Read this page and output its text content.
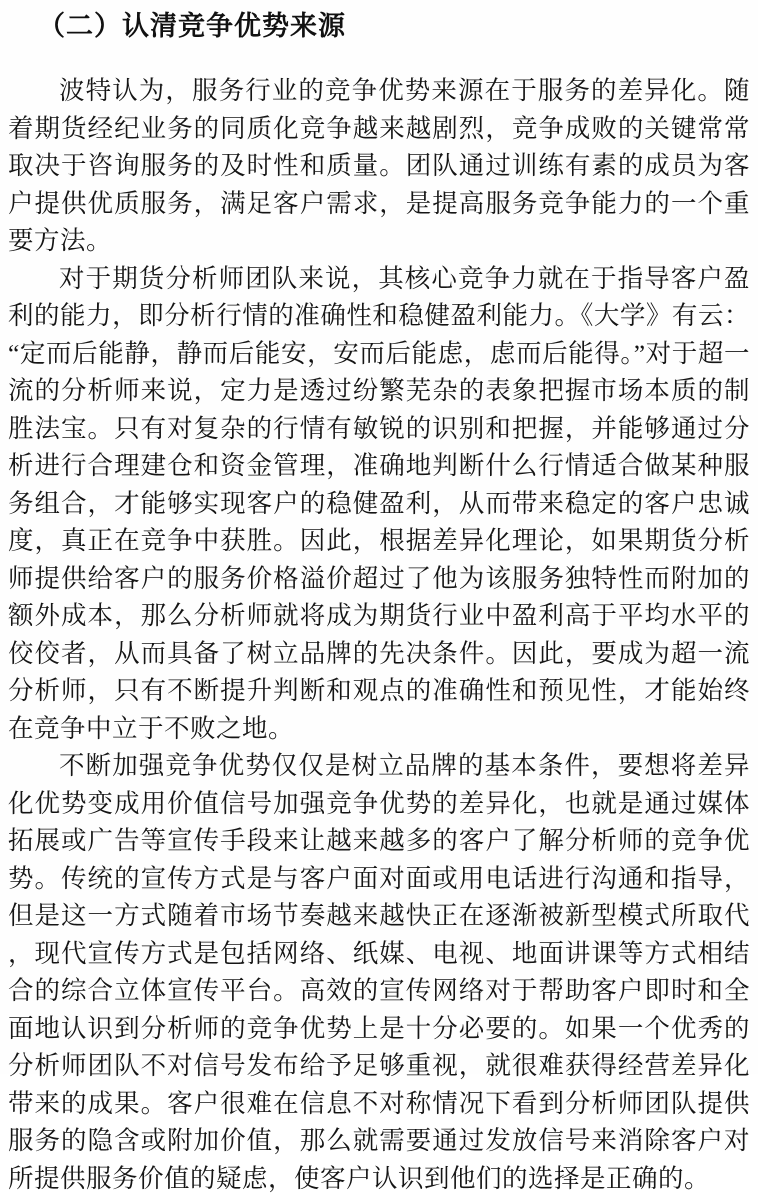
（二）认清竞争优势来源

波特认为，服务行业的竞争优势来源在于服务的差异化。随着期货经纪业务的同质化竞争越来越剧烈，竞争成败的关键常常取决于咨询服务的及时性和质量。团队通过训练有素的成员为客户提供优质服务，满足客户需求，是提高服务竞争能力的一个重要方法。

对于期货分析师团队来说，其核心竞争力就在于指导客户盈利的能力，即分析行情的准确性和稳健盈利能力。《大学》有云：“定而后能静，静而后能安，安而后能虑，虑而后能得。”对于超一流的分析师来说，定力是透过纷繁芜杂的表象把握市场本质的制胜法宝。只有对复杂的行情有敏锐的识别和把握，并能够通过分析进行合理建仓和资金管理，准确地判断什么行情适合做某种服务组合，才能够实现客户的稳健盈利，从而带来稳定的客户忠诚度，真正在竞争中获胜。因此，根据差异化理论，如果期货分析师提供给客户的服务价格溢价超过了他为该服务独特性而附加的额外成本，那么分析师就将成为期货行业中盈利高于平均水平的佼佼者，从而具备了树立品牌的先决条件。因此，要成为超一流分析师，只有不断提升判断和观点的准确性和预见性，才能始终在竞争中立于不败之地。

不断加强竞争优势仅仅是树立品牌的基本条件，要想将差异化优势变成用价值信号加强竞争优势的差异化，也就是通过媒体拓展或广告等宣传手段来让越来越多的客户了解分析师的竞争优势。传统的宣传方式是与客户面对面或用电话进行沟通和指导，但是这一方式随着市场节奏越来越快正在逐渐被新型模式所取代，现代宣传方式是包括网络、纸媒、电视、地面讲课等方式相结合的综合立体宣传平台。高效的宣传网络对于帮助客户即时和全面地认识到分析师的竞争优势上是十分必要的。如果一个优秀的分析师团队不对信号发布给予足够重视，就很难获得经营差异化带来的成果。客户很难在信息不对称情况下看到分析师团队提供服务的隐含或附加价值，那么就需要通过发放信号来消除客户对所提供服务价值的疑虑，使客户认识到他们的选择是正确的。
